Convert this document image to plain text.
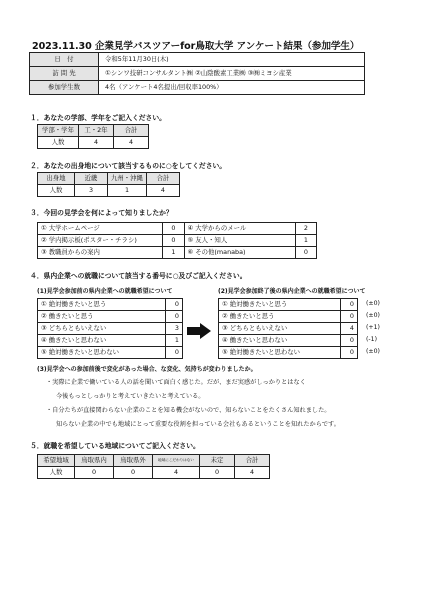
2023.11.30 企業見学バスツアーfor鳥取大学 アンケート結果（参加学生）
日　付	令和5年11月30日(木)
訪 問 先	①シンワ技研コンサルタント㈱ ②山陰酸素工業㈱ ③㈱ミヨシ産業
参加学生数	4名（アンケート4名提出/回収率100%）
１．あなたの学部、学年をご記入ください。
学部・学年	工・2年	合計
人数	4	4
２．あなたの出身地について該当するものに○をしてください。
出身地	近畿	九州・沖縄	合計
人数	3	1	4
３．今回の見学会を何によって知りましたか？
① 大学ホームページ	0	④ 大学からのメール	2
② 学内掲示板(ポスター・チラシ)	0	⑤ 友人・知人	1
③ 教職員からの案内	1	⑥ その他(manaba)	0
４．県内企業への就職について該当する番号に○及びご記入ください。
(1)見学会参加前の県内企業への就職希望について	(2)見学会参加終了後の県内企業への就職希望について
① 絶対働きたいと思う	0
② 働きたいと思う	0
③ どちらともいえない	3
④ 働きたいと思わない	1
⑤ 絶対働きたいと思わない	0
① 絶対働きたいと思う	0
② 働きたいと思う	0
③ どちらともいえない	4
④ 働きたいと思わない	0
⑤ 絶対働きたいと思わない	0
(±0)
(±0)
(+1)
(-1)
(±0)
(3)見学会への参加前後で変化があった場合、な変化、気持ちが変わりましたか。
・実際に企業で働いている人の話を聞いて面白く感じた。だが、まだ実感がしっかりとはなく
今後もっとしっかりと考えていきたいと考えている。
・自分たちが直接関わらない企業のことを知る機会がないので、知らないことをたくさん知れました。
知らない企業の中でも地域にとって重要な役割を担っている会社もあるということを知れたからです。
５．就職を希望している地域についてご記入ください。
希望地域	鳥取県内	鳥取県外	地域にこだわりはない	未定	合計
人数	0	0	4	0	4
